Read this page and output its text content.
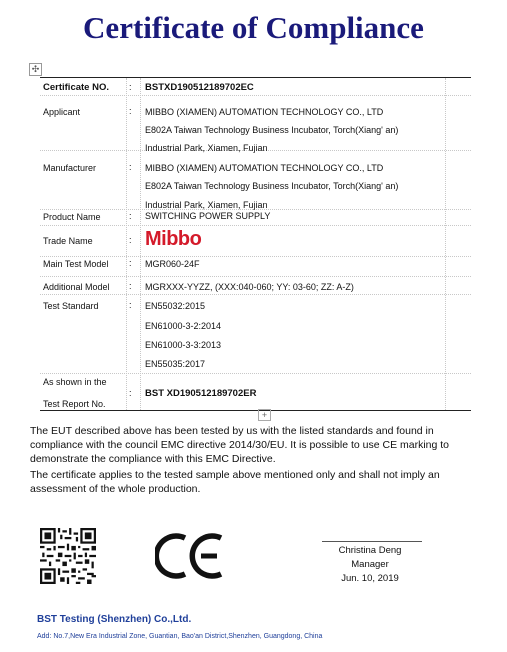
Certificate of Compliance
✣
Certificate NO. : BSTXD190512189702EC
Applicant	: MIBBO (XIAMEN) AUTOMATION TECHNOLOGY CO., LTD
E802A Taiwan Technology Business Incubator, Torch(Xiang' an)
Industrial Park, Xiamen, Fujian
Manufacturer	: MIBBO (XIAMEN) AUTOMATION TECHNOLOGY CO., LTD
E802A Taiwan Technology Business Incubator, Torch(Xiang' an)
Industrial Park, Xiamen, Fujian
Product Name	: SWITCHING POWER SUPPLY
Trade Name	: Mibbo
Main Test Model : MGR060-24F
Additional Model : MGRXXX-YYZZ, (XXX:040-060; YY: 03-60; ZZ: A-Z)
Test Standard	: EN55032:2015
EN61000-3-2:2014
EN61000-3-3:2013
EN55035:2017
As shown in the
Test Report No.
: BST XD190512189702ER
+
The EUT described above has been tested by us with the listed standards and found in compliance with the council EMC directive 2014/30/EU. It is possible to use CE marking to demonstrate the compliance with this EMC Directive.
The certificate applies to the tested sample above mentioned only and shall not imply an assessment of the whole production.
Christina Deng
Manager
Jun. 10, 2019
BST Testing (Shenzhen) Co.,Ltd.
Add: No.7,New Era Industrial Zone, Guantian, Bao'an District,Shenzhen, Guangdong, China
